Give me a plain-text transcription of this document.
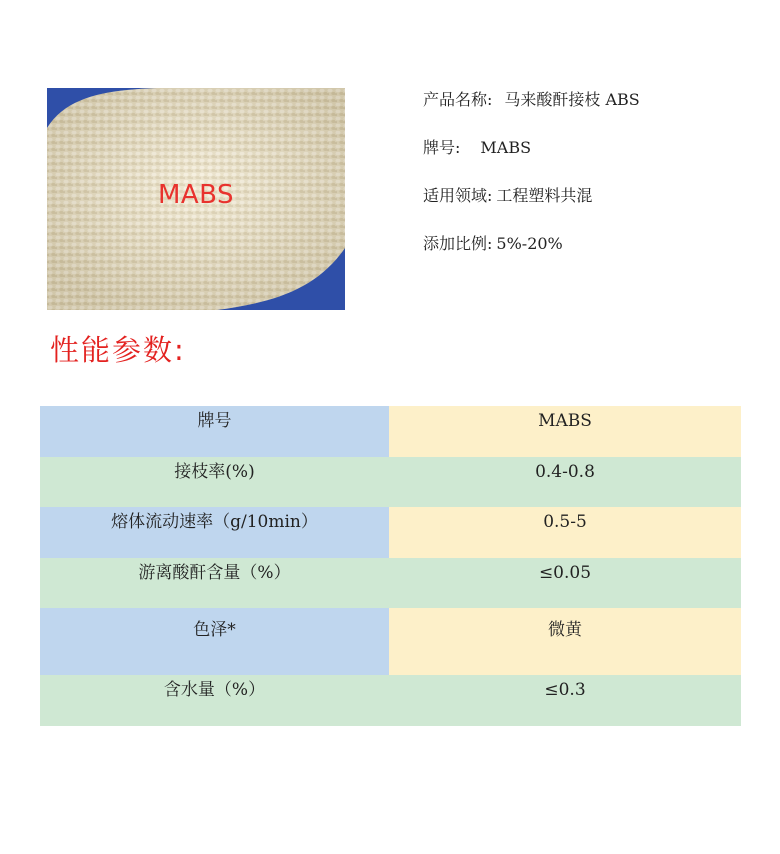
MABS
产品名称: 马来酸酐接枝 ABS
牌号: MABS
适用领域: 工程塑料共混
添加比例: 5%-20%
性能参数:
牌号	MABS

接枝率(%)	0.4-0.8

熔体流动速率（g/10min）	0.5-5

游离酸酐含量（%）	≤0.05

色泽*	微黄

含水量（%）	≤0.3
